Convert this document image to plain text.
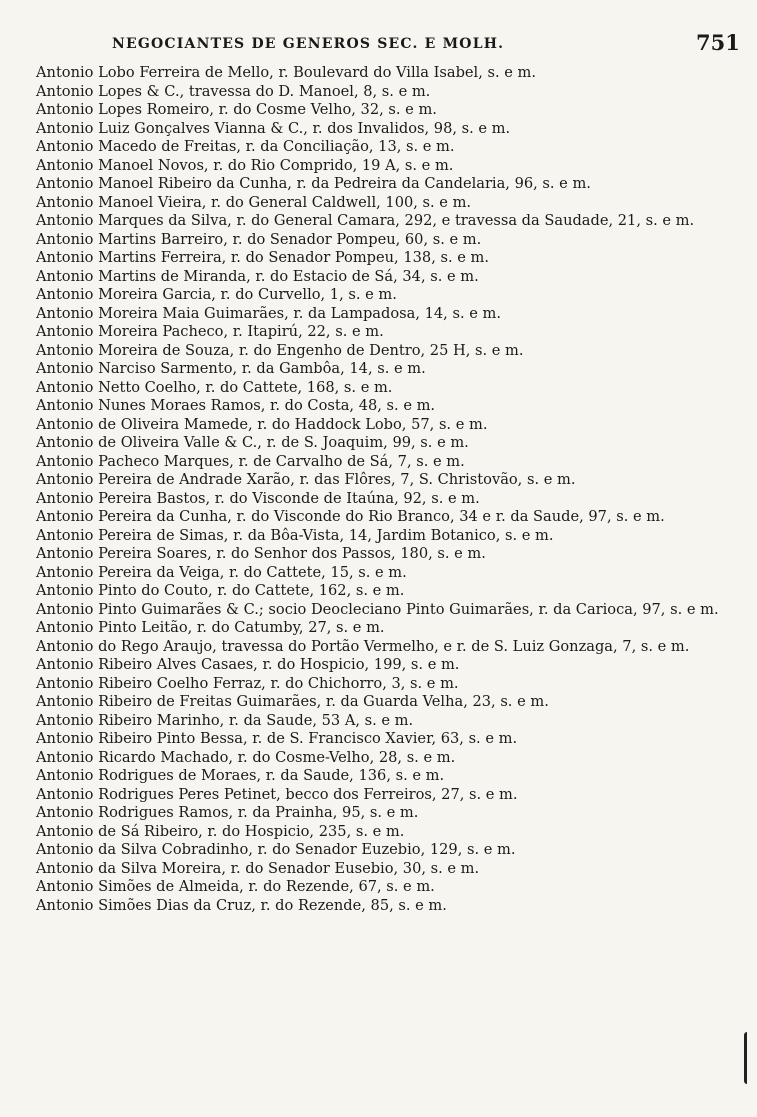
NEGOCIANTES DE GENEROS SEC. E MOLH.	751
Antonio Lobo Ferreira de Mello, r. Boulevard do Villa Isabel, s. e m.
Antonio Lopes & C., travessa do D. Manoel, 8, s. e m.
Antonio Lopes Romeiro, r. do Cosme Velho, 32, s. e m.
Antonio Luiz Gonçalves Vianna & C., r. dos Invalidos, 98, s. e m.
Antonio Macedo de Freitas, r. da Conciliação, 13, s. e m.
Antonio Manoel Novos, r. do Rio Comprido, 19 A, s. e m.
Antonio Manoel Ribeiro da Cunha, r. da Pedreira da Candelaria, 96, s. e m.
Antonio Manoel Vieira, r. do General Caldwell, 100, s. e m.
Antonio Marques da Silva, r. do General Camara, 292, e travessa da Saudade, 21, s. e m.
Antonio Martins Barreiro, r. do Senador Pompeu, 60, s. e m.
Antonio Martins Ferreira, r. do Senador Pompeu, 138, s. e m.
Antonio Martins de Miranda, r. do Estacio de Sá, 34, s. e m.
Antonio Moreira Garcia, r. do Curvello, 1, s. e m.
Antonio Moreira Maia Guimarães, r. da Lampadosa, 14, s. e m.
Antonio Moreira Pacheco, r. Itapirú, 22, s. e m.
Antonio Moreira de Souza, r. do Engenho de Dentro, 25 H, s. e m.
Antonio Narciso Sarmento, r. da Gambôa, 14, s. e m.
Antonio Netto Coelho, r. do Cattete, 168, s. e m.
Antonio Nunes Moraes Ramos, r. do Costa, 48, s. e m.
Antonio de Oliveira Mamede, r. do Haddock Lobo, 57, s. e m.
Antonio de Oliveira Valle & C., r. de S. Joaquim, 99, s. e m.
Antonio Pacheco Marques, r. de Carvalho de Sá, 7, s. e m.
Antonio Pereira de Andrade Xarão, r. das Flôres, 7, S. Christovão, s. e m.
Antonio Pereira Bastos, r. do Visconde de Itaúna, 92, s. e m.
Antonio Pereira da Cunha, r. do Visconde do Rio Branco, 34 e r. da Saude, 97, s. e m.
Antonio Pereira de Simas, r. da Bôa-Vista, 14, Jardim Botanico, s. e m.
Antonio Pereira Soares, r. do Senhor dos Passos, 180, s. e m.
Antonio Pereira da Veiga, r. do Cattete, 15, s. e m.
Antonio Pinto do Couto, r. do Cattete, 162, s. e m.
Antonio Pinto Guimarães & C.; socio Deocleciano Pinto Guimarães, r. da Carioca, 97, s. e m.
Antonio Pinto Leitão, r. do Catumby, 27, s. e m.
Antonio do Rego Araujo, travessa do Portão Vermelho, e r. de S. Luiz Gonzaga, 7, s. e m.
Antonio Ribeiro Alves Casaes, r. do Hospicio, 199, s. e m.
Antonio Ribeiro Coelho Ferraz, r. do Chichorro, 3, s. e m.
Antonio Ribeiro de Freitas Guimarães, r. da Guarda Velha, 23, s. e m.
Antonio Ribeiro Marinho, r. da Saude, 53 A, s. e m.
Antonio Ribeiro Pinto Bessa, r. de S. Francisco Xavier, 63, s. e m.
Antonio Ricardo Machado, r. do Cosme-Velho, 28, s. e m.
Antonio Rodrigues de Moraes, r. da Saude, 136, s. e m.
Antonio Rodrigues Peres Petinet, becco dos Ferreiros, 27, s. e m.
Antonio Rodrigues Ramos, r. da Prainha, 95, s. e m.
Antonio de Sá Ribeiro, r. do Hospicio, 235, s. e m.
Antonio da Silva Cobradinho, r. do Senador Euzebio, 129, s. e m.
Antonio da Silva Moreira, r. do Senador Eusebio, 30, s. e m.
Antonio Simões de Almeida, r. do Rezende, 67, s. e m.
Antonio Simões Dias da Cruz, r. do Rezende, 85, s. e m.
